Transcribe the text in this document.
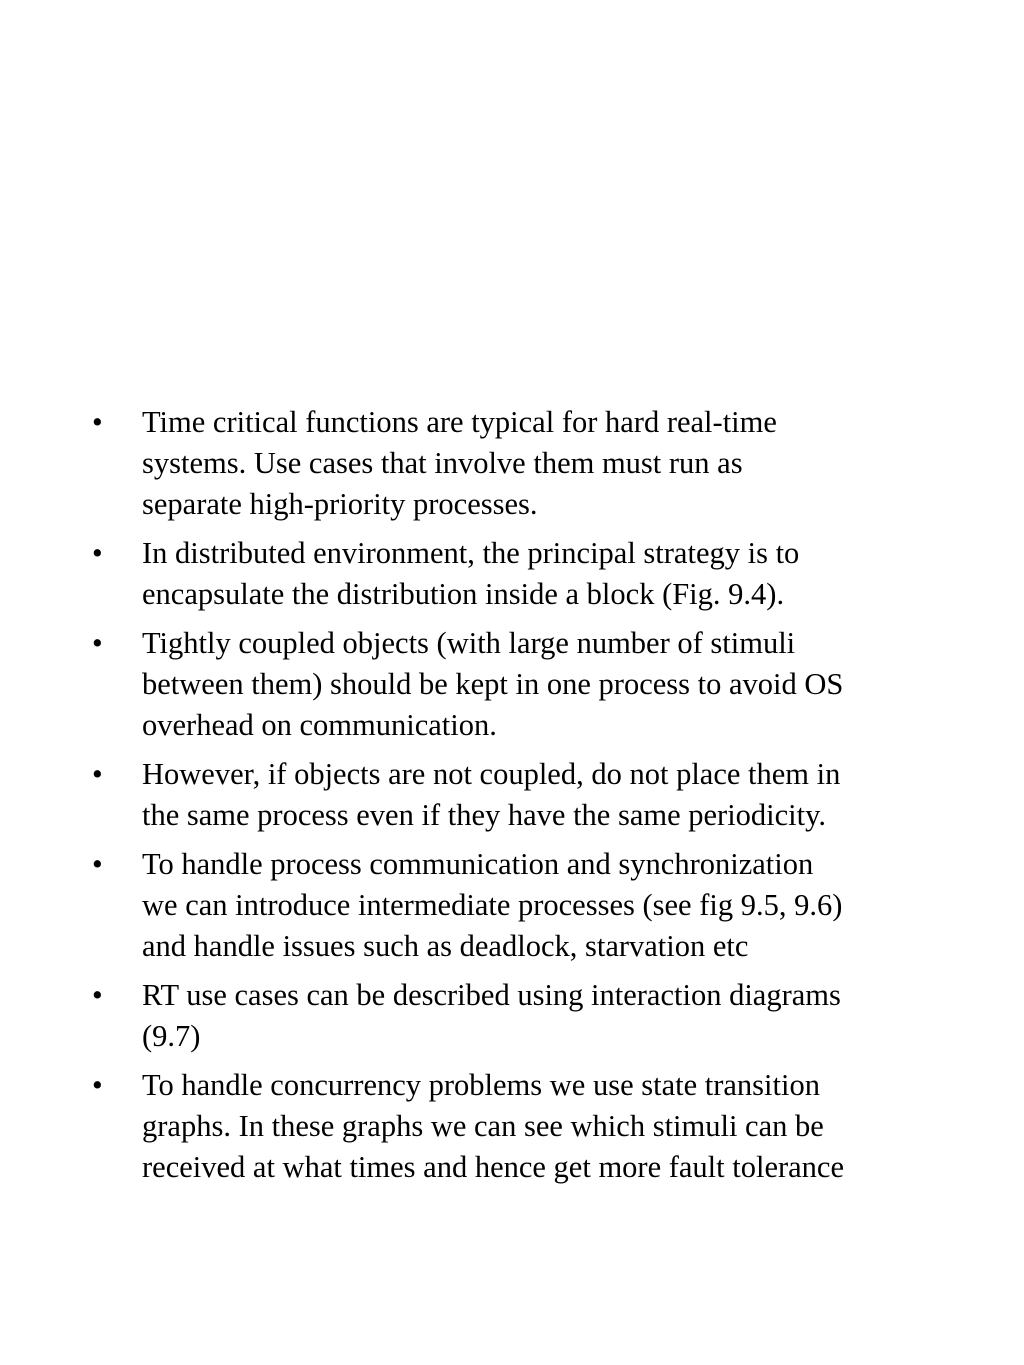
• Time critical functions are typical for hard real-time
systems. Use cases that involve them must run as
separate high-priority processes.
• In distributed environment, the principal strategy is to
encapsulate the distribution inside a block (Fig. 9.4).
• Tightly coupled objects (with large number of stimuli
between them) should be kept in one process to avoid OS
overhead on communication.
• However, if objects are not coupled, do not place them in
the same process even if they have the same periodicity.
• To handle process communication and synchronization
we can introduce intermediate processes (see fig 9.5, 9.6)
and handle issues such as deadlock, starvation etc
• RT use cases can be described using interaction diagrams
(9.7)
• To handle concurrency problems we use state transition
graphs. In these graphs we can see which stimuli can be
received at what times and hence get more fault tolerance
